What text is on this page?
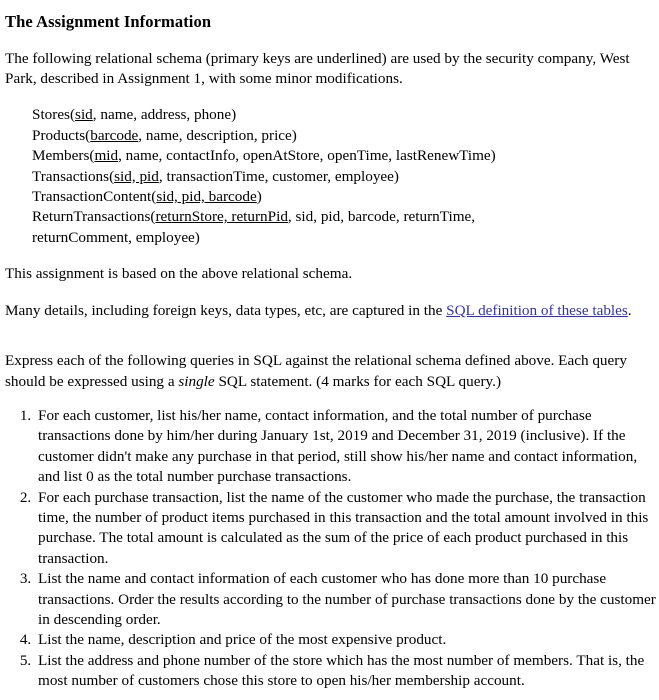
The Assignment Information

The following relational schema (primary keys are underlined) are used by the security company, West Park, described in Assignment 1, with some minor modifications.

Stores(sid, name, address, phone)
Products(barcode, name, description, price)
Members(mid, name, contactInfo, openAtStore, openTime, lastRenewTime)
Transactions(sid, pid, transactionTime, customer, employee)
TransactionContent(sid, pid, barcode)
ReturnTransactions(returnStore, returnPid, sid, pid, barcode, returnTime,
returnComment, employee)

This assignment is based on the above relational schema.

Many details, including foreign keys, data types, etc, are captured in the SQL definition of these tables.

Express each of the following queries in SQL against the relational schema defined above. Each query should be expressed using a single SQL statement. (4 marks for each SQL query.)

1. For each customer, list his/her name, contact information, and the total number of purchase transactions done by him/her during January 1st, 2019 and December 31, 2019 (inclusive). If the customer didn't make any purchase in that period, still show his/her name and contact information, and list 0 as the total number purchase transactions.
2. For each purchase transaction, list the name of the customer who made the purchase, the transaction time, the number of product items purchased in this transaction and the total amount involved in this purchase. The total amount is calculated as the sum of the price of each product purchased in this transaction.
3. List the name and contact information of each customer who has done more than 10 purchase transactions. Order the results according to the number of purchase transactions done by the customer in descending order.
4. List the name, description and price of the most expensive product.
5. List the address and phone number of the store which has the most number of members. That is, the most number of customers chose this store to open his/her membership account.
